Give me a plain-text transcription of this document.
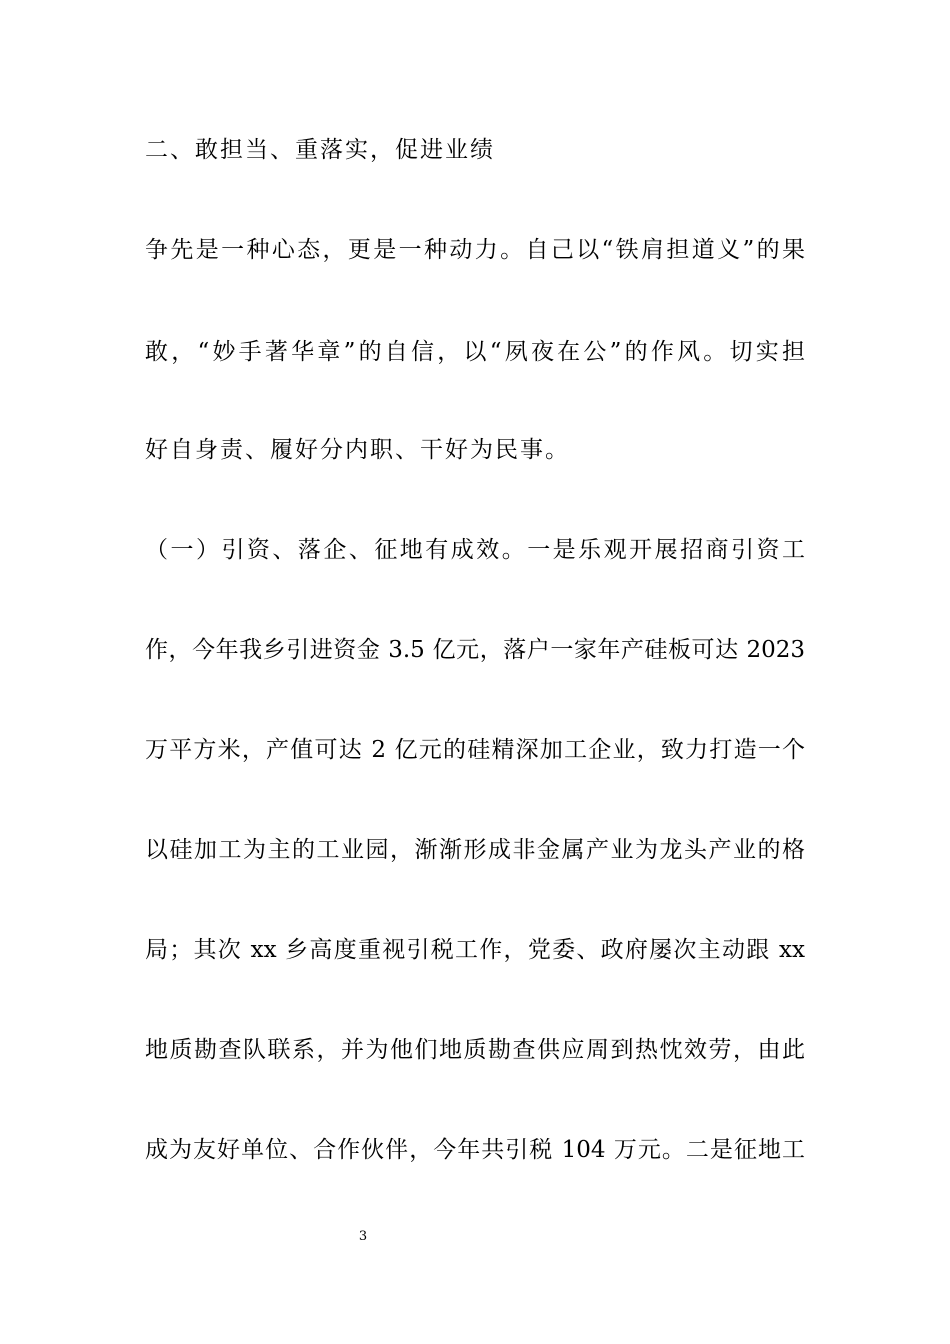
二、敢担当、重落实，促进业绩
争先是一种心态，更是一种动力。自己以“铁肩担道义”的果
敢，“妙手著华章”的自信，以“夙夜在公”的作风。切实担
好自身责、履好分内职、干好为民事。
（一）引资、落企、征地有成效。一是乐观开展招商引资工
作，今年我乡引进资金 3.5 亿元，落户一家年产硅板可达 2023
万平方米，产值可达 2 亿元的硅精深加工企业，致力打造一个
以硅加工为主的工业园，渐渐形成非金属产业为龙头产业的格
局；其次 xx 乡高度重视引税工作，党委、政府屡次主动跟 xx
地质勘查队联系，并为他们地质勘查供应周到热忱效劳，由此
成为友好单位、合作伙伴，今年共引税 104 万元。二是征地工
3
